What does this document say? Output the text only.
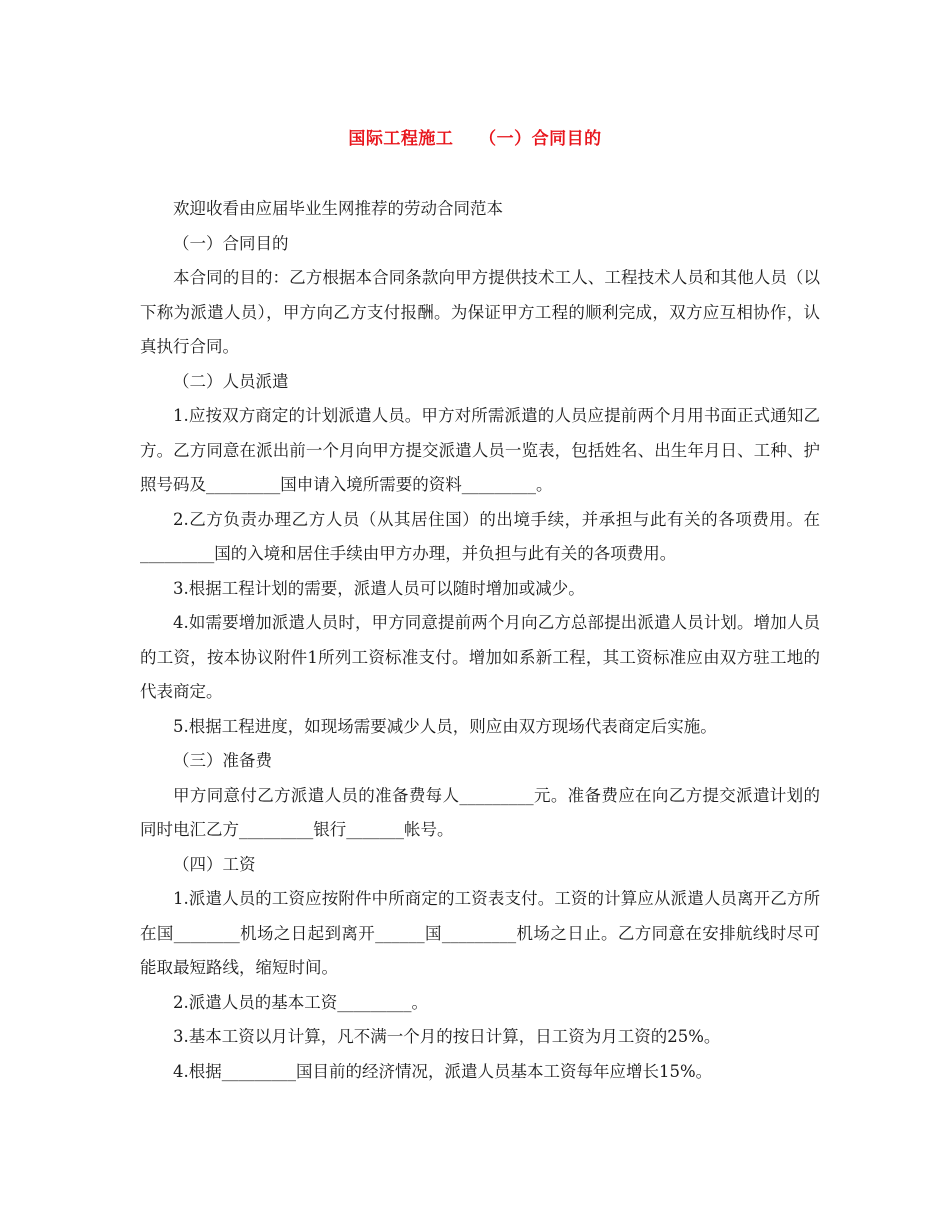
国际工程施工    （一）合同目的

欢迎收看由应届毕业生网推荐的劳动合同范本

（一）合同目的

本合同的目的：乙方根据本合同条款向甲方提供技术工人、工程技术人员和其他人员（以下称为派遣人员），甲方向乙方支付报酬。为保证甲方工程的顺利完成，双方应互相协作，认真执行合同。

（二）人员派遣

1.应按双方商定的计划派遣人员。甲方对所需派遣的人员应提前两个月用书面正式通知乙方。乙方同意在派出前一个月向甲方提交派遣人员一览表，包括姓名、出生年月日、工种、护照号码及_________国申请入境所需要的资料_________。

2.乙方负责办理乙方人员（从其居住国）的出境手续，并承担与此有关的各项费用。在_________国的入境和居住手续由甲方办理，并负担与此有关的各项费用。

3.根据工程计划的需要，派遣人员可以随时增加或减少。

4.如需要增加派遣人员时，甲方同意提前两个月向乙方总部提出派遣人员计划。增加人员的工资，按本协议附件1所列工资标准支付。增加如系新工程，其工资标准应由双方驻工地的代表商定。

5.根据工程进度，如现场需要减少人员，则应由双方现场代表商定后实施。

（三）准备费

甲方同意付乙方派遣人员的准备费每人_________元。准备费应在向乙方提交派遣计划的同时电汇乙方_________银行_______帐号。

（四）工资

1.派遣人员的工资应按附件中所商定的工资表支付。工资的计算应从派遣人员离开乙方所在国________机场之日起到离开______国_________机场之日止。乙方同意在安排航线时尽可能取最短路线，缩短时间。

2.派遣人员的基本工资_________。

3.基本工资以月计算，凡不满一个月的按日计算，日工资为月工资的25%。

4.根据_________国目前的经济情况，派遣人员基本工资每年应增长15%。
